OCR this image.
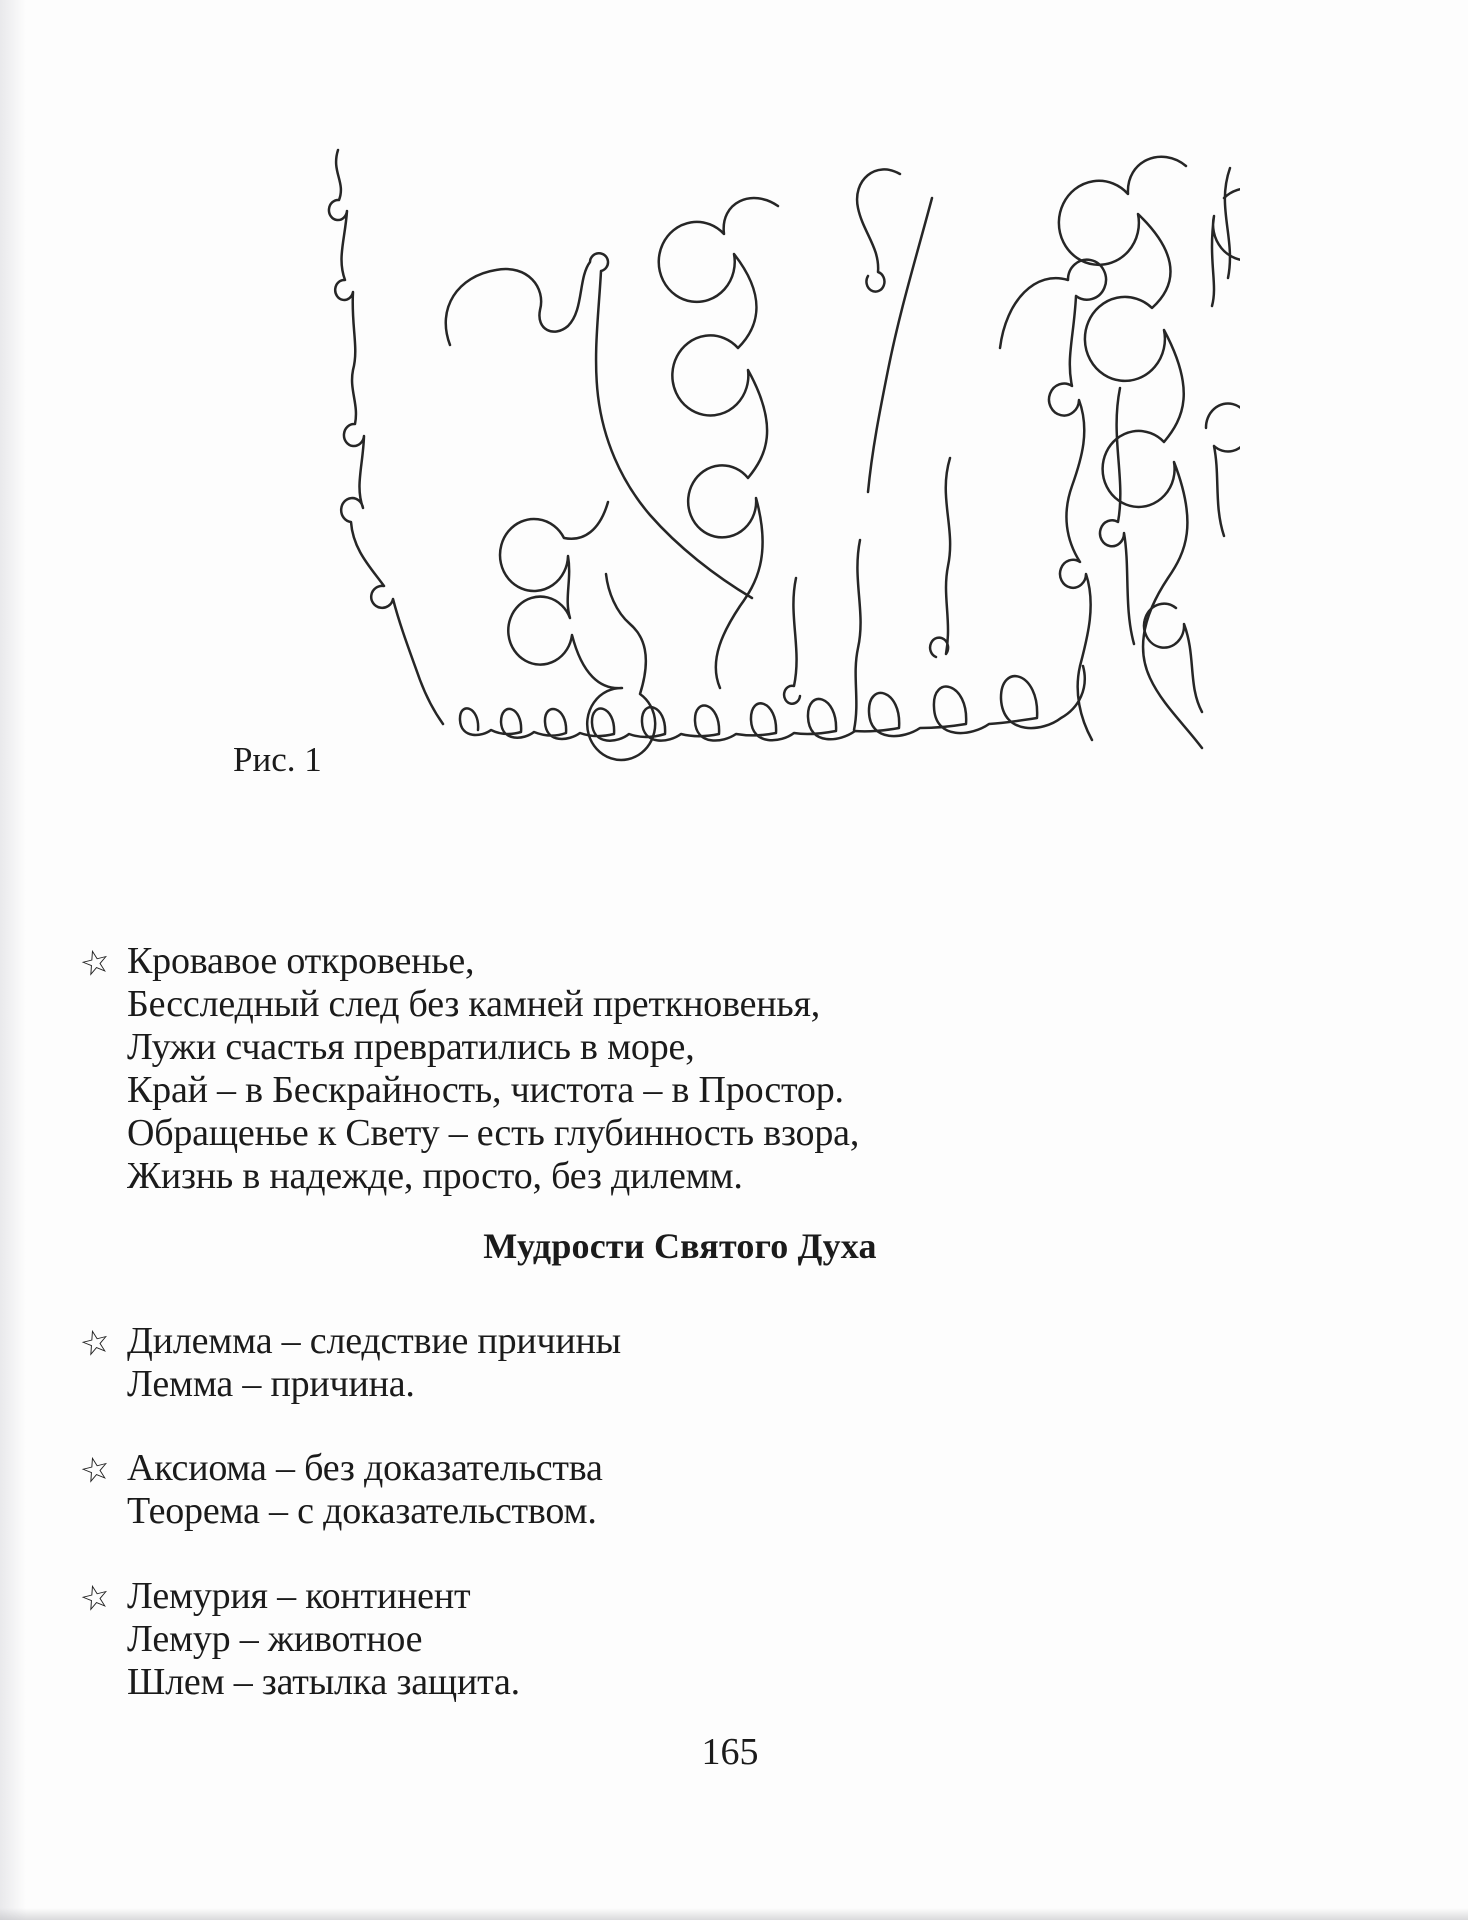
Рис. 1
☆ Кровавое откровенье,
Бесследный след без камней преткновенья,
Лужи счастья превратились в море,
Край – в Бескрайность, чистота – в Простор.
Обращенье к Свету – есть глубинность взора,
Жизнь в надежде, просто, без дилемм.
Мудрости Святого Духа
☆ Дилемма – следствие причины
Лемма – причина.
☆ Аксиома – без доказательства
Теорема – с доказательством.
☆ Лемурия – континент
Лемур – животное
Шлем – затылка защита.
165
